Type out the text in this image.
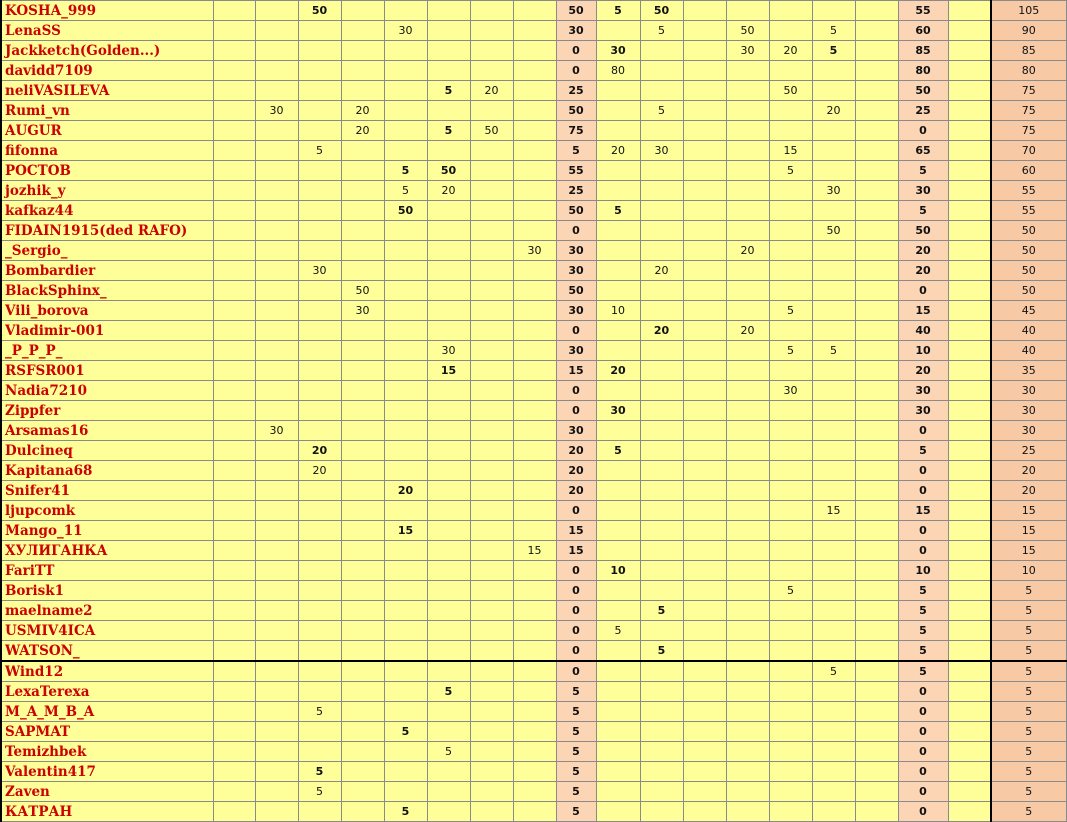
KOSHA_999			50						50	5	50						55		105
LenaSS					30				30		5		50		5		60		90
Jackketch(Golden...)									0	30			30	20	5		85		85
davidd7109									0	80							80		80
neliVASILEVA						5	20		25					50			50		75
Rumi_vn		30		20					50		5				20		25		75
AUGUR				20		5	50		75								0		75
fifonna			5						5	20	30			15			65		70
РОСТОВ					5	50			55					5			5		60
jozhik_y					5	20			25						30		30		55
kafkaz44					50				50	5							5		55
FIDAIN1915(ded RAFO)									0						50		50		50
_Sergio_								30	30				20				20		50
Bombardier			30						30		20						20		50
BlackSphinx_				50					50								0		50
Vili_borova				30					30	10				5			15		45
Vladimir-001									0		20		20				40		40
_P_P_P_						30			30					5	5		10		40
RSFSR001						15			15	20							20		35
Nadia7210									0					30			30		30
Zippfer									0	30							30		30
Arsamas16		30							30								0		30
Dulcineq			20						20	5							5		25
Kapitana68			20						20								0		20
Snifer41					20				20								0		20
ljupcomk									0						15		15		15
Mango_11					15				15								0		15
ХУЛИГАНКА								15	15								0		15
FariTT									0	10							10		10
Borisk1									0					5			5		5
maelname2									0		5						5		5
USMIV4ICA									0	5							5		5
WATSON_									0		5						5		5
Wind12									0						5		5		5
LexaTerexa						5			5								0		5
M_A_M_B_A			5						5								0		5
SAPMAT					5				5								0		5
Temizhbek						5			5								0		5
Valentin417			5						5								0		5
Zaven			5						5								0		5
КАТРАН					5				5								0		5
